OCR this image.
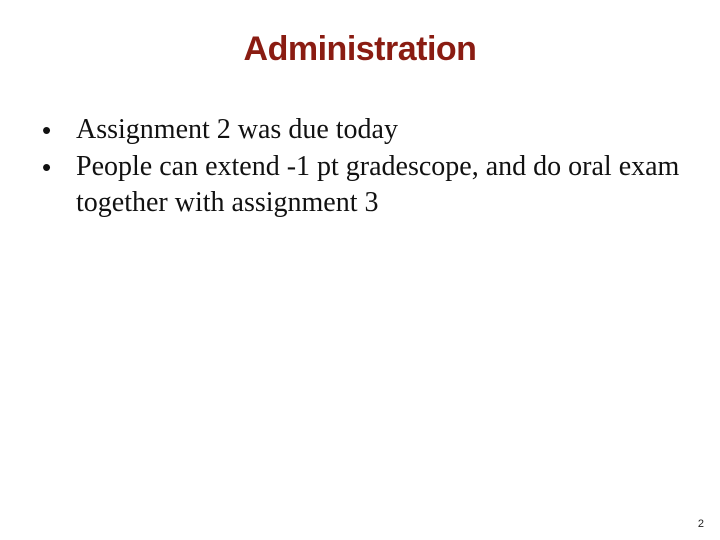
Administration
• Assignment 2 was due today
• People can extend -1 pt gradescope, and do oral exam together with assignment 3
2
